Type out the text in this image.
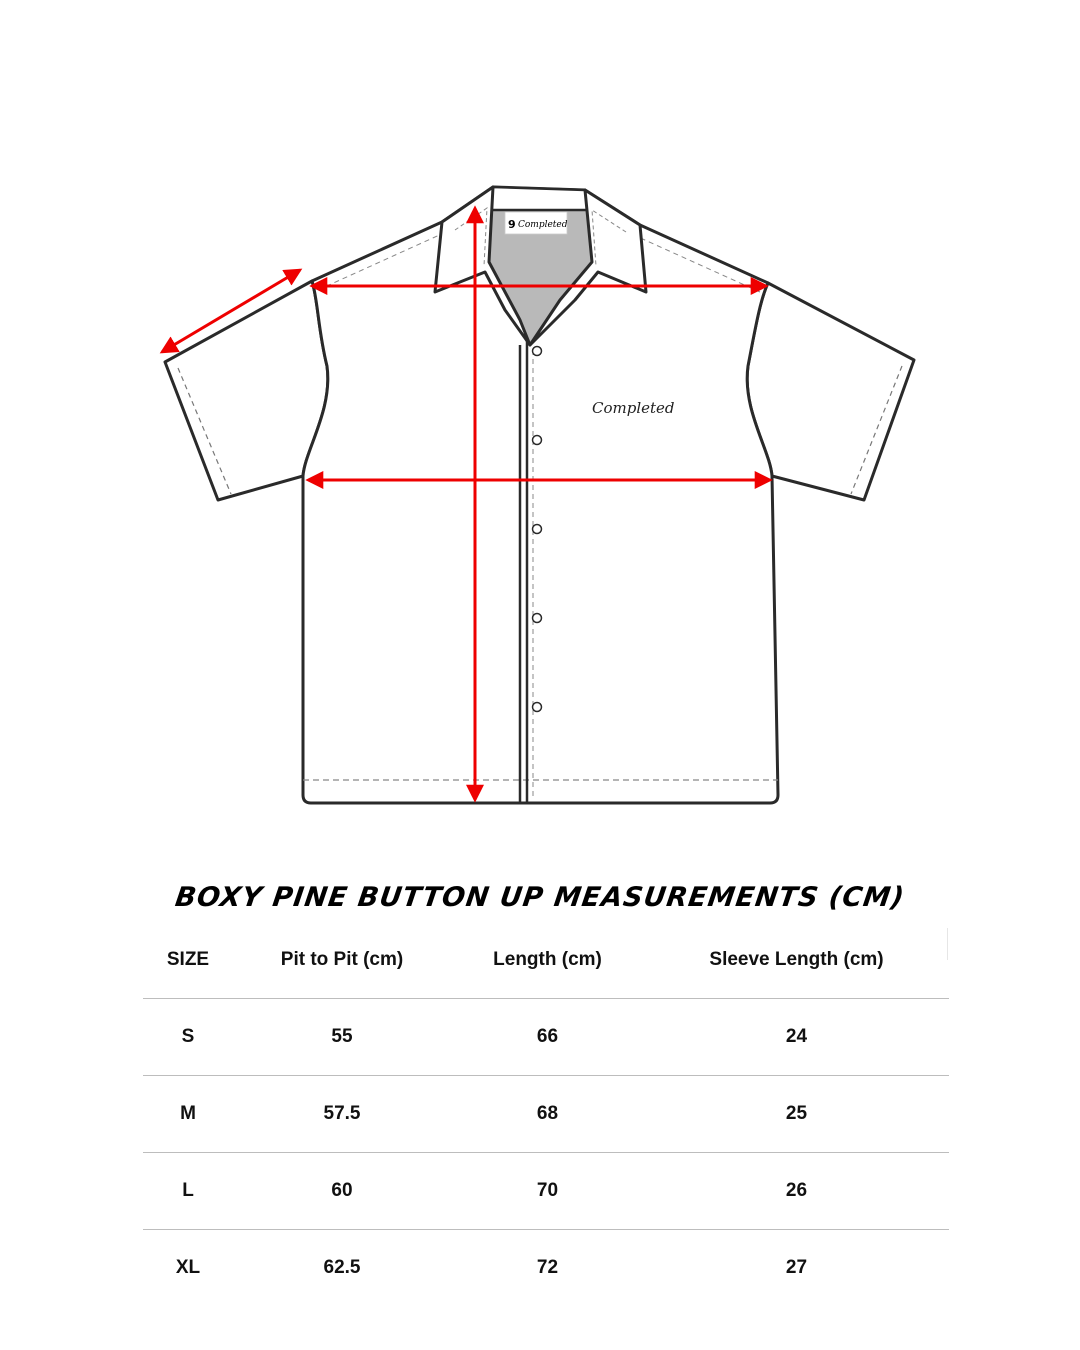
9 Completed
Completed
BOXY PINE BUTTON UP MEASUREMENTS (CM)
SIZE	Pit to Pit (cm)	Length (cm)	Sleeve Length (cm)
S	55	66	24
M	57.5	68	25
L	60	70	26
XL	62.5	72	27
